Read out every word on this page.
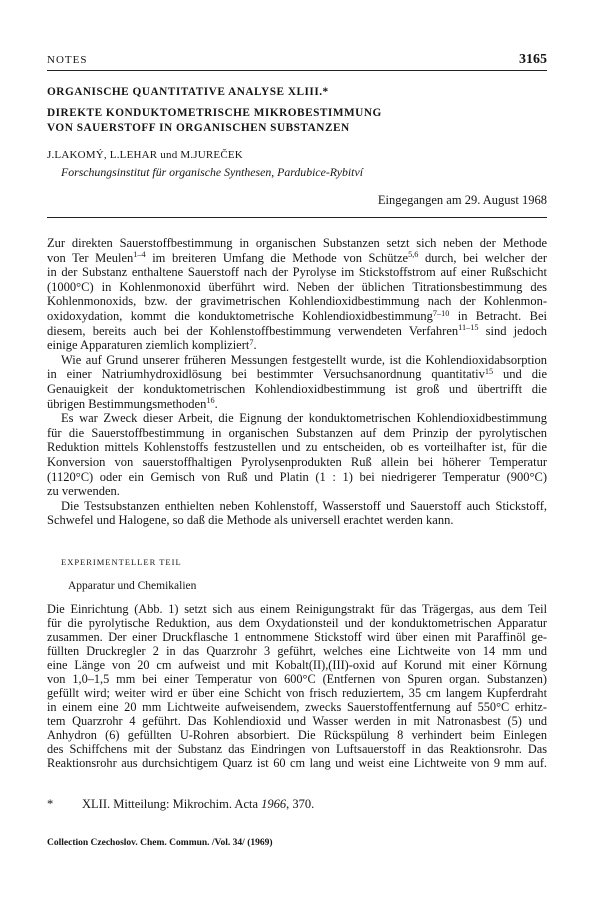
NOTES	3165
ORGANISCHE QUANTITATIVE ANALYSE XLIII.*
DIREKTE KONDUKTOMETRISCHE MIKROBESTIMMUNG
VON SAUERSTOFF IN ORGANISCHEN SUBSTANZEN
J.LAKOMÝ, L.LEHAR und M.JUREČEK
Forschungsinstitut für organische Synthesen, Pardubice-Rybitví
Eingegangen am 29. August 1968
Zur direkten Sauerstoffbestimmung in organischen Substanzen setzt sich neben der Methode
von Ter Meulen$^{1-4}$ im breiteren Umfang die Methode von Schütze$^{5,6}$ durch, bei welcher der
in der Substanz enthaltene Sauerstoff nach der Pyrolyse im Stickstoffstrom auf einer Rußschicht
(1000°C) in Kohlenmonoxid überführt wird. Neben der üblichen Titrationsbestimmung des
Kohlenmonoxids, bzw. der gravimetrischen Kohlendioxidbestimmung nach der Kohlenmon-
oxidoxydation, kommt die konduktometrische Kohlendioxidbestimmung$^{7-10}$ in Betracht. Bei
diesem, bereits auch bei der Kohlenstoffbestimmung verwendeten Verfahren$^{11-15}$ sind jedoch
einige Apparaturen ziemlich kompliziert$^7$.
Wie auf Grund unserer früheren Messungen festgestellt wurde, ist die Kohlendioxidabsorption
in einer Natriumhydroxidlösung bei bestimmter Versuchsanordnung quantitativ$^{15}$ und die
Genauigkeit der konduktometrischen Kohlendioxidbestimmung ist groß und übertrifft die
übrigen Bestimmungsmethoden$^{16}$.
Es war Zweck dieser Arbeit, die Eignung der konduktometrischen Kohlendioxidbestimmung
für die Sauerstoffbestimmung in organischen Substanzen auf dem Prinzip der pyrolytischen
Reduktion mittels Kohlenstoffs festzustellen und zu entscheiden, ob es vorteilhafter ist, für die
Konversion von sauerstoffhaltigen Pyrolysenprodukten Ruß allein bei höherer Temperatur
(1120°C) oder ein Gemisch von Ruß und Platin (1 : 1) bei niedrigerer Temperatur (900°C)
zu verwenden.
Die Testsubstanzen enthielten neben Kohlenstoff, Wasserstoff und Sauerstoff auch Stickstoff,
Schwefel und Halogene, so daß die Methode als universell erachtet werden kann.
EXPERIMENTELLER TEIL
Apparatur und Chemikalien
Die Einrichtung (Abb. 1) setzt sich aus einem Reinigungstrakt für das Trägergas, aus dem Teil
für die pyrolytische Reduktion, aus dem Oxydationsteil und der konduktometrischen Apparatur
zusammen. Der einer Druckflasche 1 entnommene Stickstoff wird über einen mit Paraffinöl ge-
füllten Druckregler 2 in das Quarzrohr 3 geführt, welches eine Lichtweite von 14 mm und
eine Länge von 20 cm aufweist und mit Kobalt(II),(III)-oxid auf Korund mit einer Körnung
von 1,0–1,5 mm bei einer Temperatur von 600°C (Entfernen von Spuren organ. Substanzen)
gefüllt wird; weiter wird er über eine Schicht von frisch reduziertem, 35 cm langem Kupferdraht
in einem eine 20 mm Lichtweite aufweisendem, zwecks Sauerstoffentfernung auf 550°C erhitz-
tem Quarzrohr 4 geführt. Das Kohlendioxid und Wasser werden in mit Natronasbest (5) und
Anhydron (6) gefüllten U-Rohren absorbiert. Die Rückspülung 8 verhindert beim Einlegen
des Schiffchens mit der Substanz das Eindringen von Luftsauerstoff in das Reaktionsrohr. Das
Reaktionsrohr aus durchsichtigem Quarz ist 60 cm lang und weist eine Lichtweite von 9 mm auf.
* XLII. Mitteilung: Mikrochim. Acta 1966, 370.
Collection Czechoslov. Chem. Commun. /Vol. 34/ (1969)
